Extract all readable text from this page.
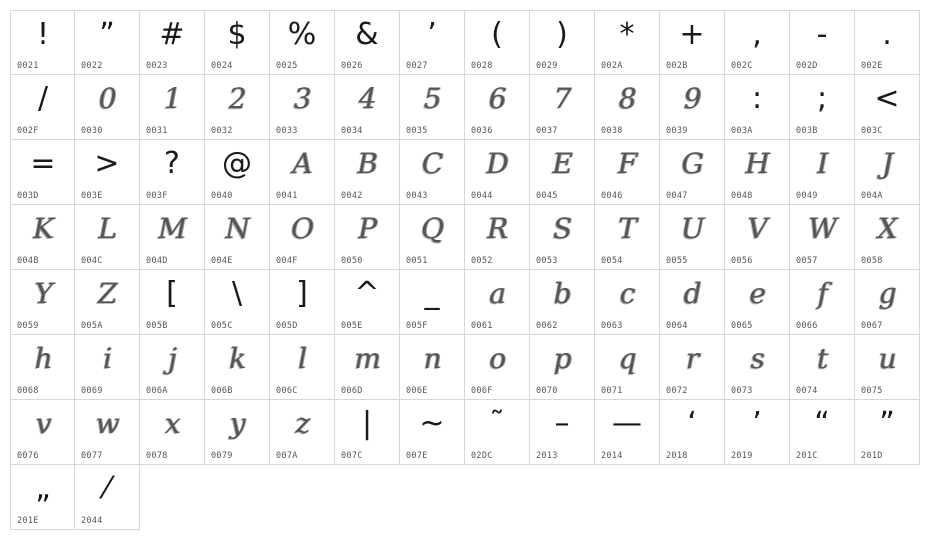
!
0021
”
0022
#
0023
$
0024
%
0025
&
0026
’
0027
(
0028
)
0029
*
002A
+
002B
,
002C
-
002D
.
002E
/
002F
0
0030
1
0031
2
0032
3
0033
4
0034
5
0035
6
0036
7
0037
8
0038
9
0039
:
003A
;
003B
<
003C
=
003D
>
003E
?
003F
@
0040
A
0041
B
0042
C
0043
D
0044
E
0045
F
0046
G
0047
H
0048
I
0049
J
004A
K
004B
L
004C
M
004D
N
004E
O
004F
P
0050
Q
0051
R
0052
S
0053
T
0054
U
0055
V
0056
W
0057
X
0058
Y
0059
Z
005A
[
005B
\
005C
]
005D
^
005E
_
005F
a
0061
b
0062
c
0063
d
0064
e
0065
f
0066
g
0067
h
0068
i
0069
j
006A
k
006B
l
006C
m
006D
n
006E
o
006F
p
0070
q
0071
r
0072
s
0073
t
0074
u
0075
v
0076
w
0077
x
0078
y
0079
z
007A
|
007C
~
007E
˜
02DC
–
2013
—
2014
‘
2018
’
2019
“
201C
”
201D
„
201E
⁄
2044
